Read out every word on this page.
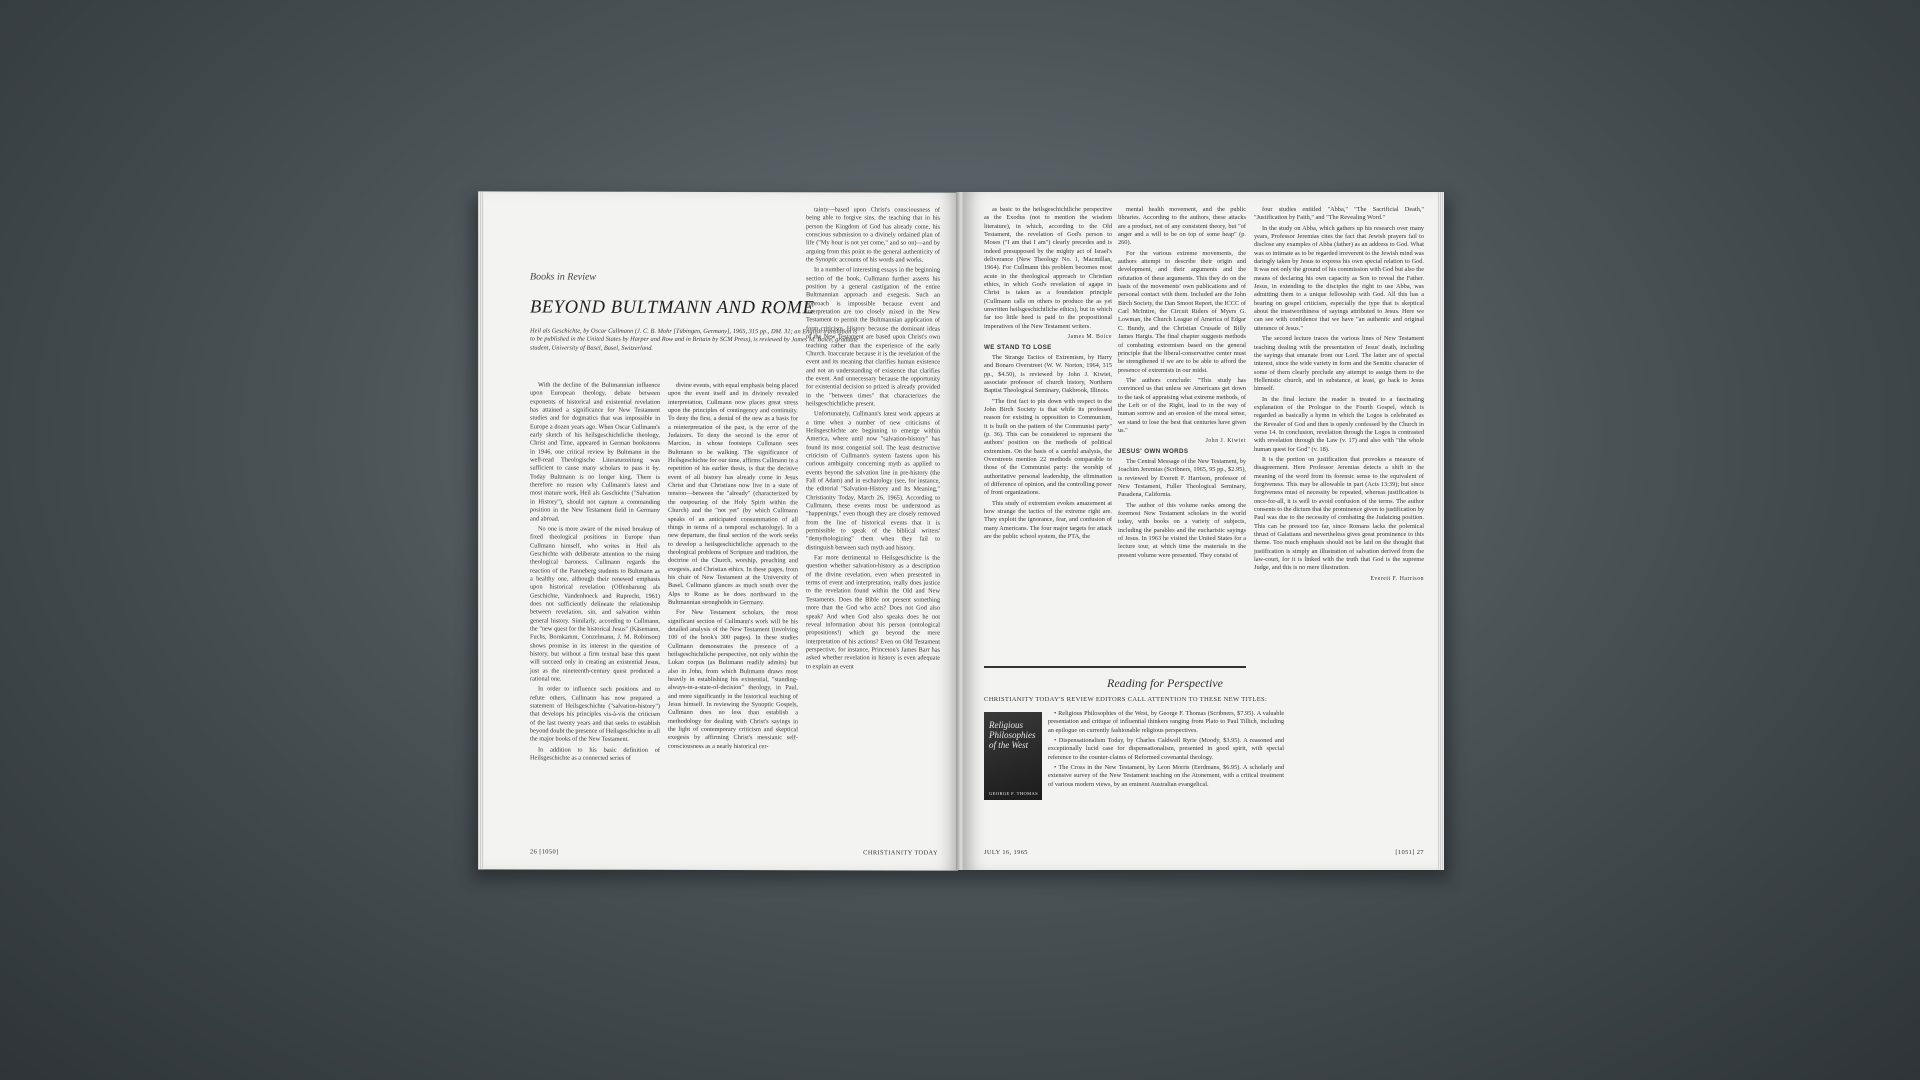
Books in Review
BEYOND BULTMANN AND ROME
Heil als Geschichte, by Oscar Cullmann (J. C. B. Mohr [Tübingen, Germany], 1965, 315 pp., DM. 31; an English translation is to be published in the United States by Harper and Row and in Britain by SCM Press), is reviewed by James M. Boice, graduate student, University of Basel, Basel, Switzerland.

With the decline of the Bultmannian influence upon European theology, debate between exponents of historical and existential revelation has attained a significance for New Testament studies and for dogmatics that was impossible in Europe a dozen years ago. When Oscar Cullmann's early sketch of his heilsgeschichtliche theology, Christ and Time, appeared in German bookstores in 1946, one critical review by Bultmann in the well-read Theologische Literaturzeitung was sufficient to cause many scholars to pass it by. Today Bultmann is no longer king. There is therefore no reason why Cullmann's latest and most mature work, Heil als Geschichte ("Salvation in History"), should not capture a commanding position in the New Testament field in Germany and abroad.

No one is more aware of the mixed breakup of fixed theological positions in Europe than Cullmann himself, who writes in Heil als Geschichte with deliberate attention to the rising theological baroness. Cullmann regards the reaction of the Panneberg students to Bultmann as a healthy one, although their renewed emphasis upon historical revelation (Offenbarung als Geschichte, Vandenhoeck and Ruprecht, 1961) does not sufficiently delineate the relationship between revelation, sin, and salvation within general history. Similarly, according to Cullmann, the "new quest for the historical Jesus" (Käsemann, Fuchs, Bornkamm, Conzelmann, J. M. Robinson) shows promise in its interest in the question of history, but without a firm textual base this quest will succeed only in creating an existential Jesus, just as the nineteenth-century quest produced a rational one.

In order to influence such positions and to refute others, Cullmann has now prepared a statement of Heilsgeschichte ("salvation-history") that develops his principles vis-à-vis the criticism of the last twenty years and that seeks to establish beyond doubt the presence of Heilsgeschichte in all the major books of the New Testament.

In addition to his basic definition of Heilsgeschichte as a connected series of

divine events, with equal emphasis being placed upon the event itself and its divinely revealed interpretation, Cullmann now places great stress upon the principles of contingency and continuity. To deny the first, a denial of the new as a basis for a reinterpretation of the past, is the error of the Judaizers. To deny the second is the error of Marcion, in whose footsteps Cullmann sees Bultmann to be walking. The significance of Heilsgeschichte for our time, affirms Cullmann in a repetition of his earlier thesis, is that the decisive event of all history has already come in Jesus Christ and that Christians now live in a state of tension—between the "already" (characterized by the outpouring of the Holy Spirit within the Church) and the "not yet" (by which Cullmann speaks of an anticipated consummation of all things in terms of a temporal eschatology). In a new departure, the final section of the work seeks to develop a heilsgeschichtliche approach to the theological problems of Scripture and tradition, the doctrine of the Church, worship, preaching and exegesis, and Christian ethics. In these pages, from his chair of New Testament at the University of Basel, Cullmann glances as much south over the Alps to Rome as he does northward to the Bultmannian strongholds in Germany.

For New Testament scholars, the most significant section of Cullmann's work will be his detailed analysis of the New Testament (involving 100 of the book's 300 pages). In these studies Cullmann demonstrates the presence of a heilsgeschichtliche perspective, not only within the Lukan corpus (as Bultmann readily admits) but also in John, from which Bultmann draws most heavily in establishing his existential, "standing-always-in-a-state-of-decision" theology, in Paul, and more significantly in the historical teaching of Jesus himself. In reviewing the Synoptic Gospels, Cullmann does no less than establish a methodology for dealing with Christ's sayings in the light of contemporary criticism and skeptical exegesis by affirming Christ's messianic self-consciousness as a nearly historical cer-

tainty—based upon Christ's consciousness of being able to forgive sins, the teaching that in his person the Kingdom of God has already come, his conscious submission to a divinely ordained plan of life ("My hour is not yet come," and so on)—and by arguing from this point to the general authenticity of the Synoptic accounts of his words and works.

In a number of interesting essays in the beginning section of the book, Cullmann further asserts his position by a general castigation of the entire Bultmannian approach and exegesis. Such an approach is impossible because event and interpretation are too closely mixed in the New Testament to permit the Bultmannian application of form criticism. History because the dominant ideas of the New Testament are based upon Christ's own teaching rather than the experience of the early Church. Inaccurate because it is the revelation of the event and its meaning that clarifies human existence and not an understanding of existence that clarifies the event. And unnecessary because the opportunity for existential decision so prized is already provided in the "between times" that characterizes the heilsgeschichtliche present.

Unfortunately, Cullmann's latest work appears at a time when a number of new criticisms of Heilsgeschichte are beginning to emerge within America, where until now "salvation-history" has found its most congenial soil. The least destructive criticism of Cullmann's system fastens upon his curious ambiguity concerning myth as applied to events beyond the salvation line in pre-history (the Fall of Adam) and in eschatology (see, for instance, the editorial "Salvation-History and Its Meaning," Christianity Today, March 26, 1965). According to Cullmann, these events must be understood as "happenings," even though they are closely removed from the line of historical events that it is permissible to speak of the biblical writers' "demythologizing" them when they fail to distinguish between such myth and history.

Far more detrimental to Heilsgeschichte is the question whether salvation-history as a description of the divine revelation, even when presented in terms of event and interpretation, really does justice to the revelation found within the Old and New Testaments. Does the Bible not present something more than the God who acts? Does not God also speak? And when God also speaks does he not reveal information about his person (ontological propositions!) which go beyond the mere interpretation of his actions? Even on Old Testament perspective, for instance, Princeton's James Barr has asked whether revelation in history is even adequate to explain an event

26 [1050]	CHRISTIANITY TODAY

as basic to the heilsgeschichtliche perspective as the Exodus (not to mention the wisdom literature), in which, according to the Old Testament, the revelation of God's person to Moses ("I am that I am") clearly precedes and is indeed presupposed by the mighty act of Israel's deliverance (New Theology No. 1, Macmillan, 1964). For Cullmann this problem becomes most acute in the theological approach to Christian ethics, in which God's revelation of agape in Christ is taken as a foundation principle (Cullmann calls on others to produce the as yet unwritten heilsgeschichtliche ethics), but in which far too little heed is paid to the propositional imperatives of the New Testament writers.

James M. Boice

WE STAND TO LOSE

The Strange Tactics of Extremism, by Harry and Bonaro Overstreet (W. W. Norton, 1964, 315 pp., $4.50), is reviewed by John J. Kiwiet, associate professor of church history, Northern Baptist Theological Seminary, Oakbrook, Illinois.

"The first fact to pin down with respect to the John Birch Society is that while its professed reason for existing is opposition to Communism, it is built on the pattern of the Communist party" (p. 36). This can be considered to represent the authors' position on the methods of political extremism. On the basis of a careful analysis, the Overstreets mention 22 methods comparable to those of the Communist party: the worship of authoritative personal leadership, the elimination of difference of opinion, and the controlling power of front organizations.

This study of extremism evokes amazement at how strange the tactics of the extreme right are. They exploit the ignorance, fear, and confusion of many Americans. The four major targets for attack are the public school system, the PTA, the

mental health movement, and the public libraries. According to the authors, these attacks are a product, not of any consistent theory, but "of anger and a will to be on top of some heap" (p. 260).

For the various extreme movements, the authors attempt to describe their origin and development, and their arguments and the refutation of these arguments. This they do on the basis of the movements' own publications and of personal contact with them. Included are the John Birch Society, the Dan Smoot Report, the ICCC of Carl McIntire, the Circuit Riders of Myers G. Lowman, the Church League of America of Edgar C. Bundy, and the Christian Crusade of Billy James Hargis. The final chapter suggests methods of combating extremism based on the general principle that the liberal-conservative center must be strengthened if we are to be able to afford the presence of extremists in our midst.

The authors conclude: "This study has convinced us that unless we Americans get down to the task of appraising what extreme methods, of the Left or of the Right, lead to in the way of human sorrow and an erosion of the moral sense, we stand to lose the best that centuries have given us."

John J. Kiwiet

JESUS' OWN WORDS

The Central Message of the New Testament, by Joachim Jeremias (Scribners, 1965, 95 pp., $2.95), is reviewed by Everett F. Harrison, professor of New Testament, Fuller Theological Seminary, Pasadena, California.

The author of this volume ranks among the foremost New Testament scholars in the world today, with books on a variety of subjects, including the parables and the eucharistic sayings of Jesus. In 1963 he visited the United States for a lecture tour, at which time the materials in the present volume were presented. They consist of

four studies entitled "Abba," "The Sacrificial Death," "Justification by Faith," and "The Revealing Word."

In the study on Abba, which gathers up his research over many years, Professor Jeremias cites the fact that Jewish prayers fail to disclose any examples of Abba (father) as an address to God. What was so intimate as to be regarded irreverent to the Jewish mind was daringly taken by Jesus to express his own special relation to God. It was not only the ground of his commission with God but also the means of declaring his own capacity as Son to reveal the Father. Jesus, in extending to the disciples the right to use Abba, was admitting them to a unique fellowship with God. All this has a bearing on gospel criticism, especially the type that is skeptical about the trustworthiness of sayings attributed to Jesus. Here we can see with confidence that we have "an authentic and original utterance of Jesus."

The second lecture traces the various lines of New Testament teaching dealing with the presentation of Jesus' death, including the sayings that emanate from our Lord. The latter are of special interest, since the wide variety in form and the Semitic character of some of them clearly preclude any attempt to assign them to the Hellenistic church, and in substance, at least, go back to Jesus himself.

In the final lecture the reader is treated to a fascinating explanation of the Prologue to the Fourth Gospel, which is regarded as basically a hymn in which the Logos is celebrated as the Revealer of God and then is openly confessed by the Church in verse 14. In conclusion, revelation through the Logos is contrasted with revelation through the Law (v. 17) and also with "the whole human quest for God" (v. 18).

It is the portion on justification that provokes a measure of disagreement. Here Professor Jeremias detects a shift in the meaning of the word from its forensic sense to the equivalent of forgiveness. This may be allowable in part (Acts 13:39); but since forgiveness must of necessity be repeated, whereas justification is once-for-all, it is well to avoid confusion of the terms. The author consents to the dictum that the prominence given to justification by Paul was due to the necessity of combating the Judaizing position. This can be pressed too far, since Romans lacks the polemical thrust of Galatians and nevertheless gives great prominence to this theme. Too much emphasis should not be laid on the thought that justification is simply an illustration of salvation derived from the law-court, for it is linked with the truth that God is the supreme Judge, and this is no mere illustration.

Everett F. Harrison

Reading for Perspective
CHRISTIANITY TODAY'S REVIEW EDITORS CALL ATTENTION TO THESE NEW TITLES:
Religious Philosophies of the West
GEORGE F. THOMAS

• Religious Philosophies of the West, by George F. Thomas (Scribners, $7.95). A valuable presentation and critique of influential thinkers ranging from Plato to Paul Tillich, including an epilogue on currently fashionable religious perspectives.

• Dispensationalism Today, by Charles Caldwell Ryrie (Moody, $3.95). A reasoned and exceptionally lucid case for dispensationalism, presented in good spirit, with special reference to the counter-claims of Reformed covenantal theology.

• The Cross in the New Testament, by Leon Morris (Eerdmans, $6.95). A scholarly and extensive survey of the New Testament teaching on the Atonement, with a critical treatment of various modern views, by an eminent Australian evangelical.

JULY 16, 1965	[1051] 27
